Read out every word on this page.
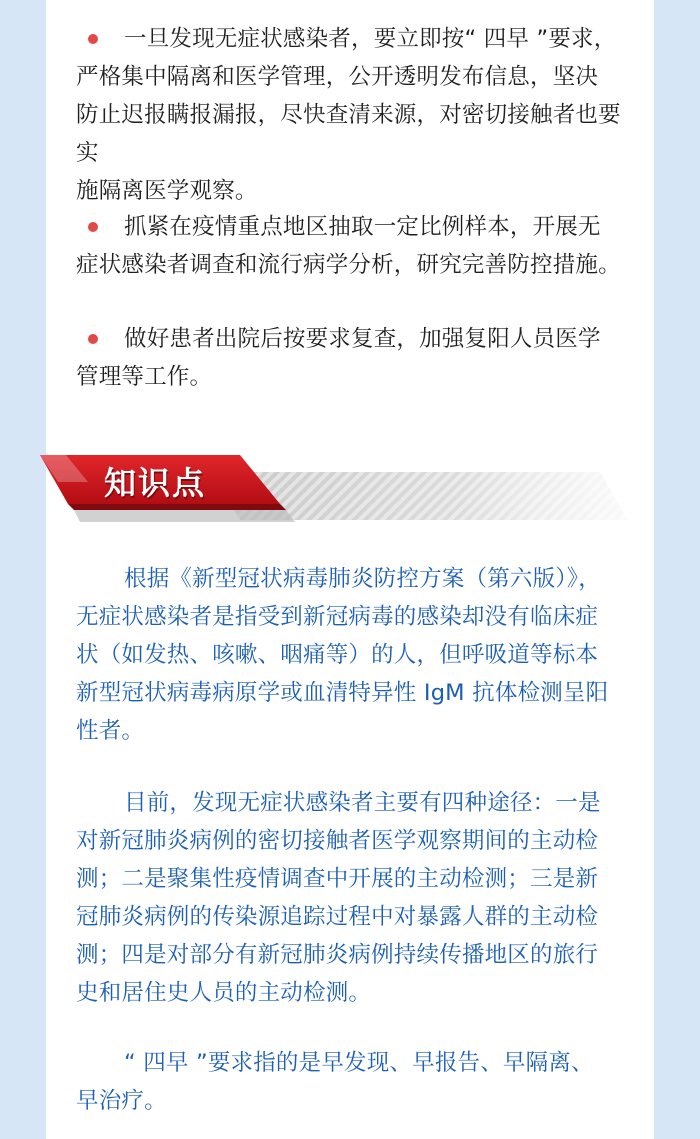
一旦发现无症状感染者，要立即按“ 四早 ”要求，
严格集中隔离和医学管理，公开透明发布信息，坚决
防止迟报瞒报漏报，尽快查清来源，对密切接触者也要实
施隔离医学观察。
抓紧在疫情重点地区抽取一定比例样本，开展无
症状感染者调查和流行病学分析，研究完善防控措施。
做好患者出院后按要求复查，加强复阳人员医学
管理等工作。
知识点
根据《新型冠状病毒肺炎防控方案（第六版）》，
无症状感染者是指受到新冠病毒的感染却没有临床症
状（如发热、咳嗽、咽痛等）的人，但呼吸道等标本
新型冠状病毒病原学或血清特异性 IgM 抗体检测呈阳
性者。
目前，发现无症状感染者主要有四种途径：一是
对新冠肺炎病例的密切接触者医学观察期间的主动检
测；二是聚集性疫情调查中开展的主动检测；三是新
冠肺炎病例的传染源追踪过程中对暴露人群的主动检
测；四是对部分有新冠肺炎病例持续传播地区的旅行
史和居住史人员的主动检测。
“ 四早 ”要求指的是早发现、早报告、早隔离、
早治疗。
